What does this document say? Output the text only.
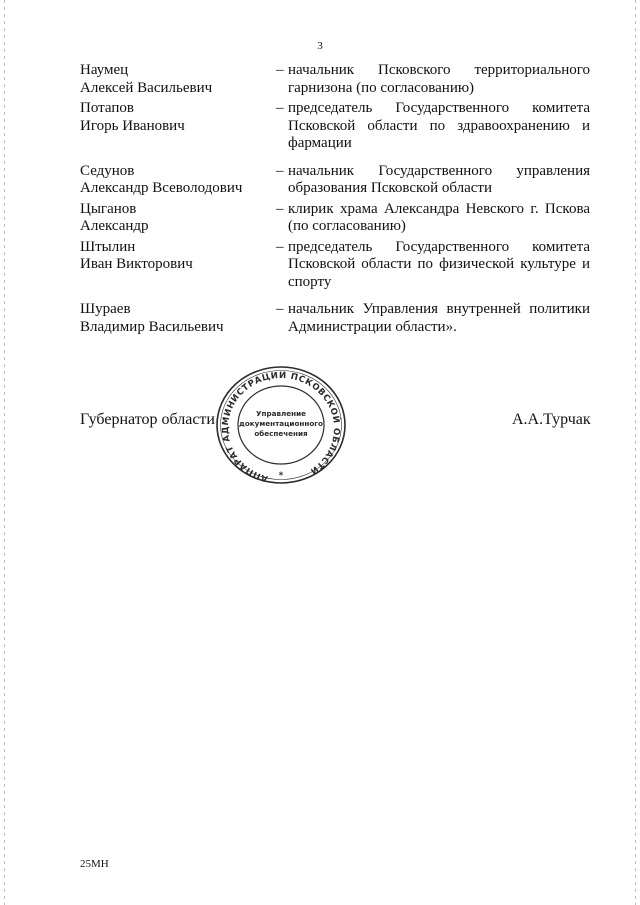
3
Наумец
Алексей Васильевич
– начальник Псковского территориального гарнизона (по согласованию)
Потапов
Игорь Иванович
– председатель Государственного комитета Псковской области по здравоохранению и фармации
Седунов
Александр Всеволодович
– начальник Государственного управления образования Псковской области
Цыганов
Александр
– клирик храма Александра Невского г. Пскова (по согласованию)
Штылин
Иван Викторович
– председатель Государственного комитета Псковской области по физической культуре и спорту
Шураев
Владимир Васильевич
– начальник Управления внутренней политики Администрации области».
Губернатор области
АППАРАТ АДМИНИСТРАЦИИ ПСКОВСКОЙ ОБЛАСТИ
Управление
документационного
обеспечения
*
А.А.Турчак
25МН
